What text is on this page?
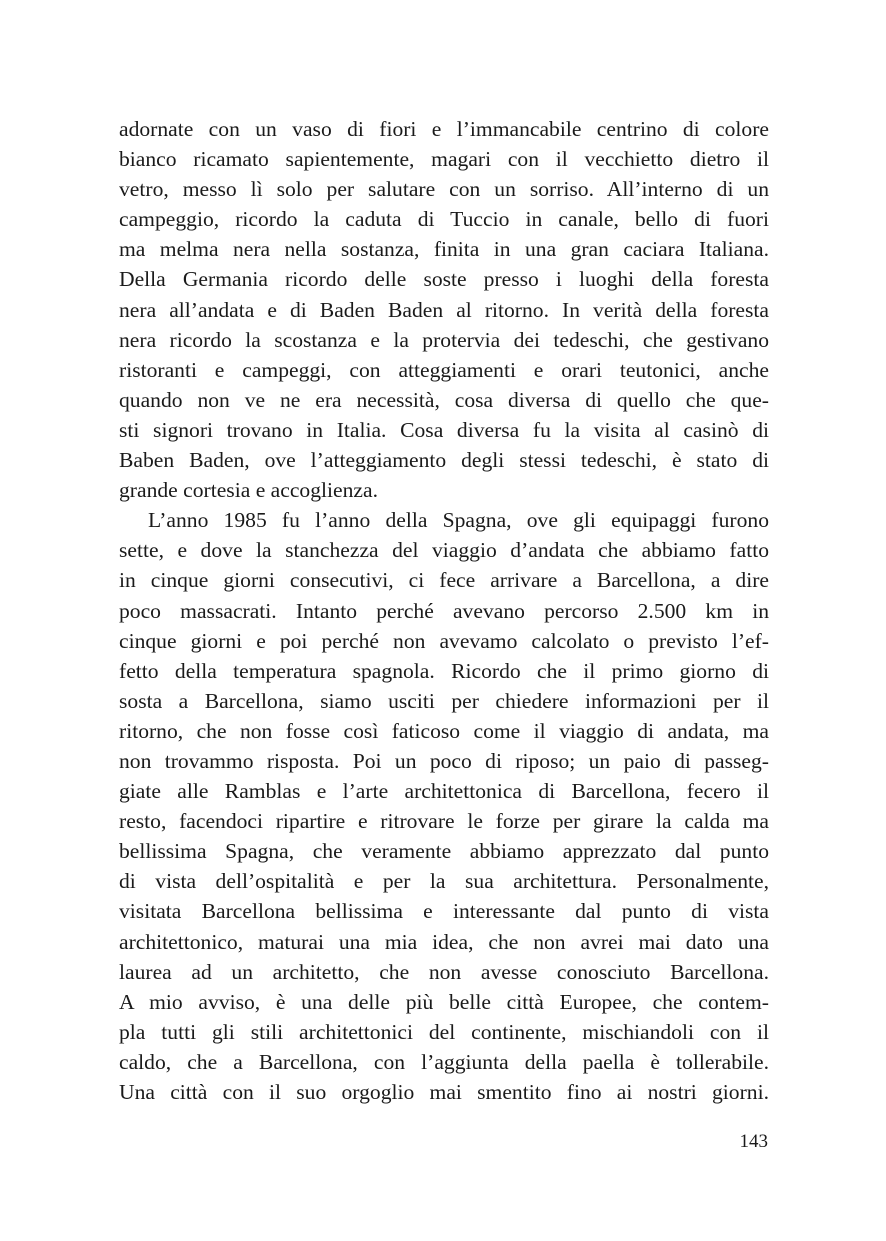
adornate con un vaso di fiori e l’immancabile centrino di colore
bianco ricamato sapientemente, magari con il vecchietto dietro il
vetro, messo lì solo per salutare con un sorriso. All’interno di un
campeggio, ricordo la caduta di Tuccio in canale, bello di fuori
ma melma nera nella sostanza, finita in una gran caciara Italiana.
Della Germania ricordo delle soste presso i luoghi della foresta
nera all’andata e di Baden Baden al ritorno. In verità della foresta
nera ricordo la scostanza e la protervia dei tedeschi, che gestivano
ristoranti e campeggi, con atteggiamenti e orari teutonici, anche
quando non ve ne era necessità, cosa diversa di quello che que-
sti signori trovano in Italia. Cosa diversa fu la visita al casinò di
Baben Baden, ove l’atteggiamento degli stessi tedeschi, è stato di
grande cortesia e accoglienza.
L’anno 1985 fu l’anno della Spagna, ove gli equipaggi furono
sette, e dove la stanchezza del viaggio d’andata che abbiamo fatto
in cinque giorni consecutivi, ci fece arrivare a Barcellona, a dire
poco massacrati. Intanto perché avevano percorso 2.500 km in
cinque giorni e poi perché non avevamo calcolato o previsto l’ef-
fetto della temperatura spagnola. Ricordo che il primo giorno di
sosta a Barcellona, siamo usciti per chiedere informazioni per il
ritorno, che non fosse così faticoso come il viaggio di andata, ma
non trovammo risposta. Poi un poco di riposo; un paio di passeg-
giate alle Ramblas e l’arte architettonica di Barcellona, fecero il
resto, facendoci ripartire e ritrovare le forze per girare la calda ma
bellissima Spagna, che veramente abbiamo apprezzato dal punto
di vista dell’ospitalità e per la sua architettura. Personalmente,
visitata Barcellona bellissima e interessante dal punto di vista
architettonico, maturai una mia idea, che non avrei mai dato una
laurea ad un architetto, che non avesse conosciuto Barcellona.
A mio avviso, è una delle più belle città Europee, che contem-
pla tutti gli stili architettonici del continente, mischiandoli con il
caldo, che a Barcellona, con l’aggiunta della paella è tollerabile.
Una città con il suo orgoglio mai smentito fino ai nostri giorni.
143
